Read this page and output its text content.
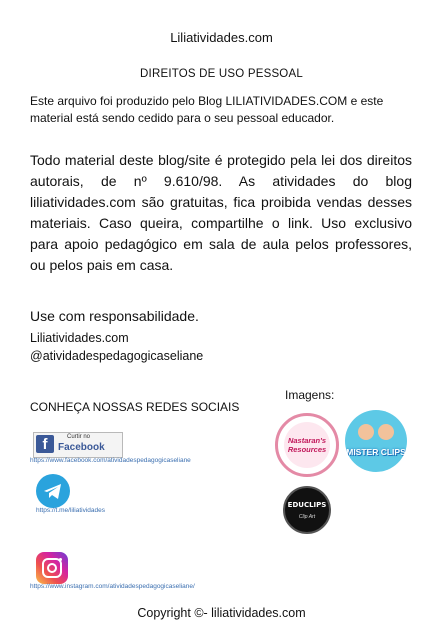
Liliatividades.com
DIREITOS DE USO PESSOAL
Este arquivo foi produzido pelo Blog LILIATIVIDADES.COM e este material está sendo cedido para o seu pessoal educador.
Todo material deste blog/site é protegido pela lei dos direitos autorais, de nº 9.610/98. As atividades do blog liliatividades.com são gratuitas, fica proibida vendas desses materiais. Caso queira, compartilhe o link. Uso exclusivo para apoio pedagógico em sala de aula pelos professores, ou pelos pais em casa.
Use com responsabilidade.
Liliatividades.com
@atividadespedagogicaseliane
CONHEÇA NOSSAS REDES SOCIAIS
Imagens:
f	Curtir no
Facebook
https://www.facebook.com/atividadespedagogicaseliane
https://t.me/liliatividades
https://www.instagram.com/atividadespedagogicaseliane/
Nastaran's Resources	MISTER CLIPS
EDUCLIPS
Clip Art
Copyright ©- liliatividades.com
